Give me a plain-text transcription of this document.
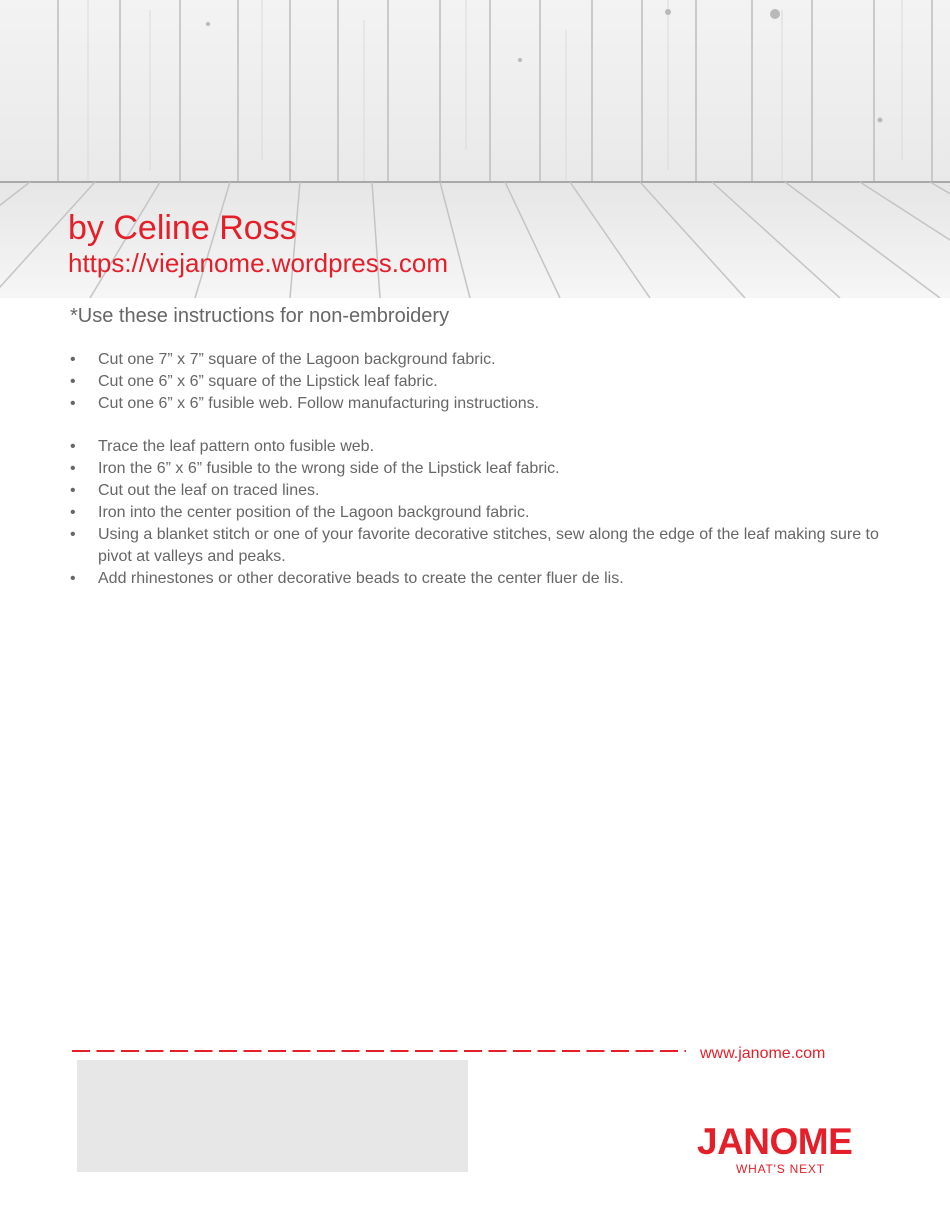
by Celine Ross
https://viejanome.wordpress.com
*Use these instructions for non-embroidery
• Cut one 7” x 7” square of the Lagoon background fabric.
• Cut one 6” x 6” square of the Lipstick leaf fabric.
• Cut one 6” x 6” fusible web. Follow manufacturing instructions.
• Trace the leaf pattern onto fusible web.
• Iron the 6” x 6” fusible to the wrong side of the Lipstick leaf fabric.
• Cut out the leaf on traced lines.
• Iron into the center position of the Lagoon background fabric.
• Using a blanket stitch or one of your favorite decorative stitches, sew along the edge of the leaf making sure to pivot at valleys and peaks.
• Add rhinestones or other decorative beads to create the center fluer de lis.
www.janome.com
JANOME
WHAT'S NEXT
